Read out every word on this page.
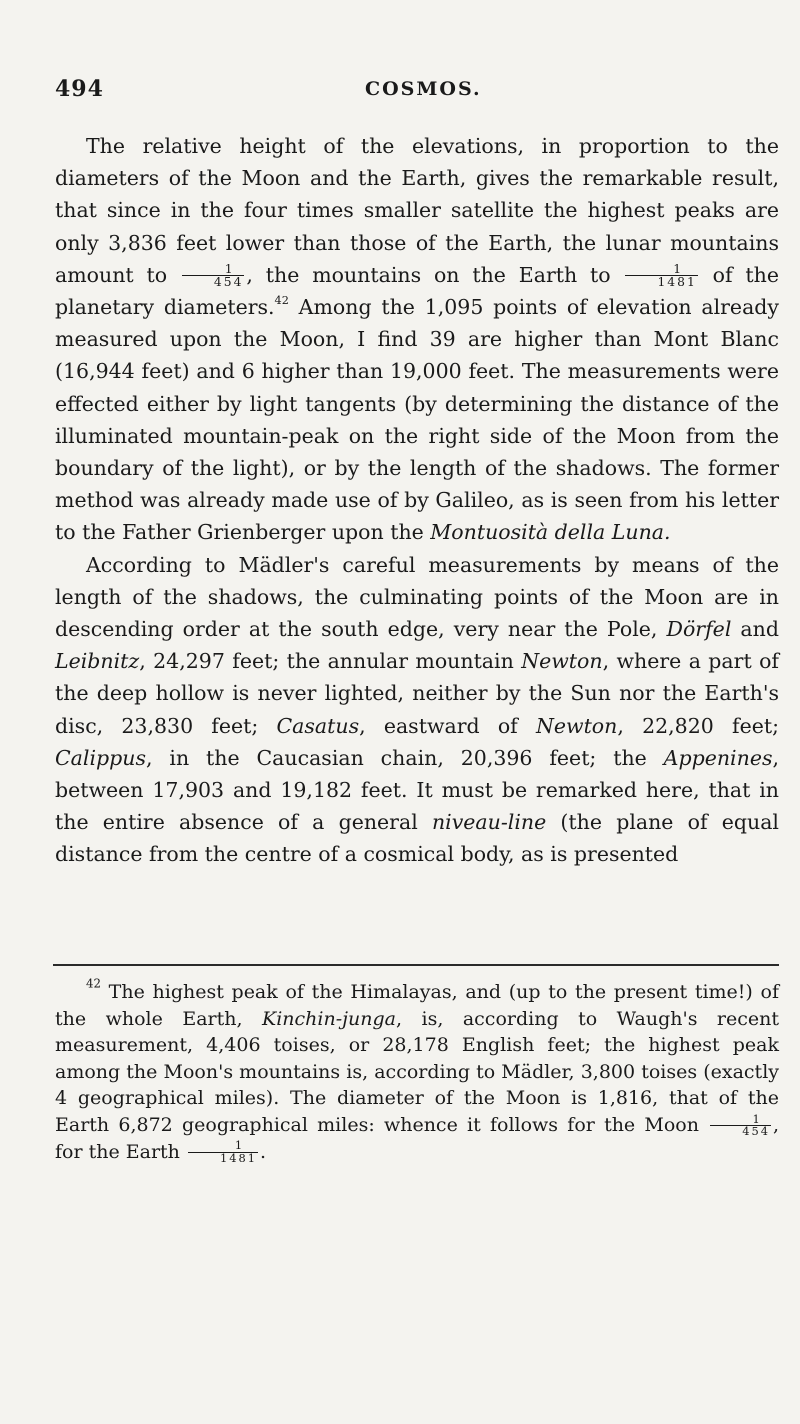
494	COSMOS.

The relative height of the elevations, in proportion to the diameters of the Moon and the Earth, gives the remarkable result, that since in the four times smaller satellite the highest peaks are only 3,836 feet lower than those of the Earth, the lunar mountains amount to $\frac{1}{454}$ , the mountains on the Earth to $\frac{1}{1481}$ of the planetary diameters.$^{42}$ Among the 1,095 points of elevation already measured upon the Moon, I find 39 are higher than Mont Blanc (16,944 feet) and 6 higher than 19,000 feet. The measurements were effected either by light tangents (by determining the distance of the illuminated mountain-peak on the right side of the Moon from the boundary of the light), or by the length of the shadows. The former method was already made use of by Galileo, as is seen from his letter to the Father Grienberger upon the Montuosità della Luna.

According to Mädler's careful measurements by means of the length of the shadows, the culminating points of the Moon are in descending order at the south edge, very near the Pole, Dörfel and Leibnitz, 24,297 feet; the annular mountain Newton, where a part of the deep hollow is never lighted, neither by the Sun nor the Earth's disc, 23,830 feet; Casatus, eastward of Newton, 22,820 feet; Calippus, in the Caucasian chain, 20,396 feet; the Appenines, between 17,903 and 19,182 feet. It must be remarked here, that in the entire absence of a general niveau-line (the plane of equal distance from the centre of a cosmical body, as is presented

$^{42}$ The highest peak of the Himalayas, and (up to the present time!) of the whole Earth, Kinchin-junga, is, according to Waugh's recent measurement, 4,406 toises, or 28,178 English feet; the highest peak among the Moon's mountains is, according to Mädler, 3,800 toises (exactly 4 geographical miles). The diameter of the Moon is 1,816, that of the Earth 6,872 geographical miles: whence it follows for the Moon $\frac{1}{454}$ , for the Earth $\frac{1}{1481}$ .
